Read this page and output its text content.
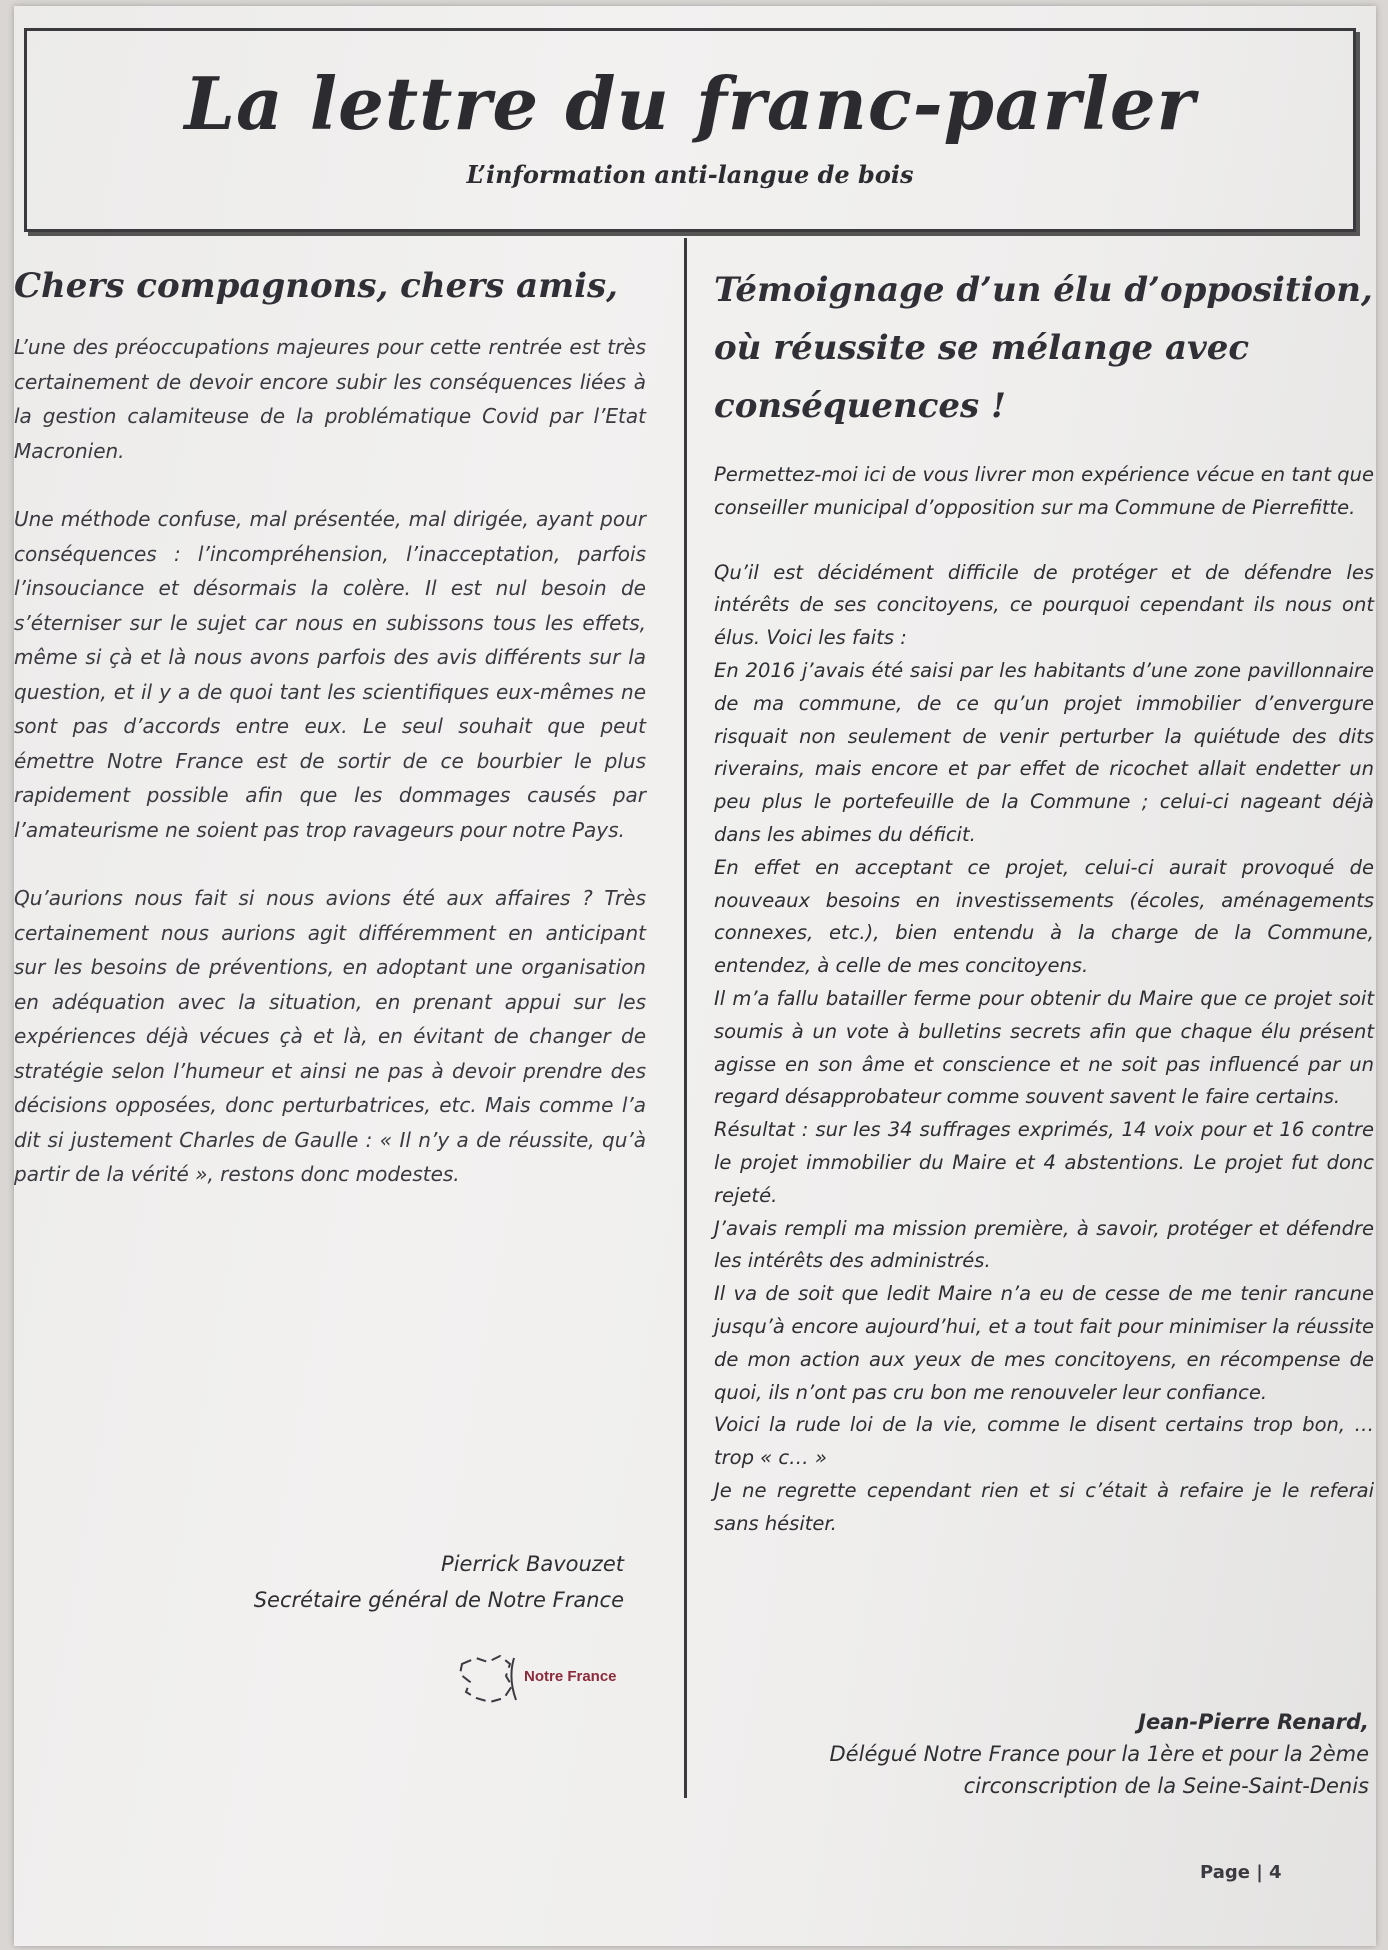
La lettre du franc-parler
L’information anti-langue de bois
Chers compagnons, chers amis,

L’une des préoccupations majeures pour cette rentrée est très certainement de devoir encore subir les conséquences liées à la gestion calamiteuse de la problématique Covid par l’Etat Macronien.

Une méthode confuse, mal présentée, mal dirigée, ayant pour conséquences : l’incompréhension, l’inacceptation, parfois l’insouciance et désormais la colère. Il est nul besoin de s’éterniser sur le sujet car nous en subissons tous les effets, même si çà et là nous avons parfois des avis différents sur la question, et il y a de quoi tant les scientifiques eux-mêmes ne sont pas d’accords entre eux. Le seul souhait que peut émettre Notre France est de sortir de ce bourbier le plus rapidement possible afin que les dommages causés par l’amateurisme ne soient pas trop ravageurs pour notre Pays.

Qu’aurions nous fait si nous avions été aux affaires ? Très certainement nous aurions agit différemment en anticipant sur les besoins de préventions, en adoptant une organisation en adéquation avec la situation, en prenant appui sur les expériences déjà vécues çà et là, en évitant de changer de stratégie selon l’humeur et ainsi ne pas à devoir prendre des décisions opposées, donc perturbatrices, etc. Mais comme l’a dit si justement Charles de Gaulle : « Il n’y a de réussite, qu’à partir de la vérité », restons donc modestes.

Pierrick Bavouzet
Secrétaire général de Notre France
Notre France
Témoignage d’un élu d’opposition, où réussite se mélange avec conséquences !

Permettez-moi ici de vous livrer mon expérience vécue en tant que conseiller municipal d’opposition sur ma Commune de Pierrefitte.

Qu’il est décidément difficile de protéger et de défendre les intérêts de ses concitoyens, ce pourquoi cependant ils nous ont élus. Voici les faits :

En 2016 j’avais été saisi par les habitants d’une zone pavillonnaire de ma commune, de ce qu’un projet immobilier d’envergure risquait non seulement de venir perturber la quiétude des dits riverains, mais encore et par effet de ricochet allait endetter un peu plus le portefeuille de la Commune ; celui-ci nageant déjà dans les abimes du déficit.

En effet en acceptant ce projet, celui-ci aurait provoqué de nouveaux besoins en investissements (écoles, aménagements connexes, etc.), bien entendu à la charge de la Commune, entendez, à celle de mes concitoyens.

Il m’a fallu batailler ferme pour obtenir du Maire que ce projet soit soumis à un vote à bulletins secrets afin que chaque élu présent agisse en son âme et conscience et ne soit pas influencé par un regard désapprobateur comme souvent savent le faire certains.

Résultat : sur les 34 suffrages exprimés, 14 voix pour et 16 contre le projet immobilier du Maire et 4 abstentions. Le projet fut donc rejeté.

J’avais rempli ma mission première, à savoir, protéger et défendre les intérêts des administrés.

Il va de soit que ledit Maire n’a eu de cesse de me tenir rancune jusqu’à encore aujourd’hui, et a tout fait pour minimiser la réussite de mon action aux yeux de mes concitoyens, en récompense de quoi, ils n’ont pas cru bon me renouveler leur confiance.

Voici la rude loi de la vie, comme le disent certains trop bon, … trop « c… »

Je ne regrette cependant rien et si c’était à refaire je le referai sans hésiter.

Jean-Pierre Renard,
Délégué Notre France pour la 1ère et pour la 2ème circonscription de la Seine-Saint-Denis
Page | 4
